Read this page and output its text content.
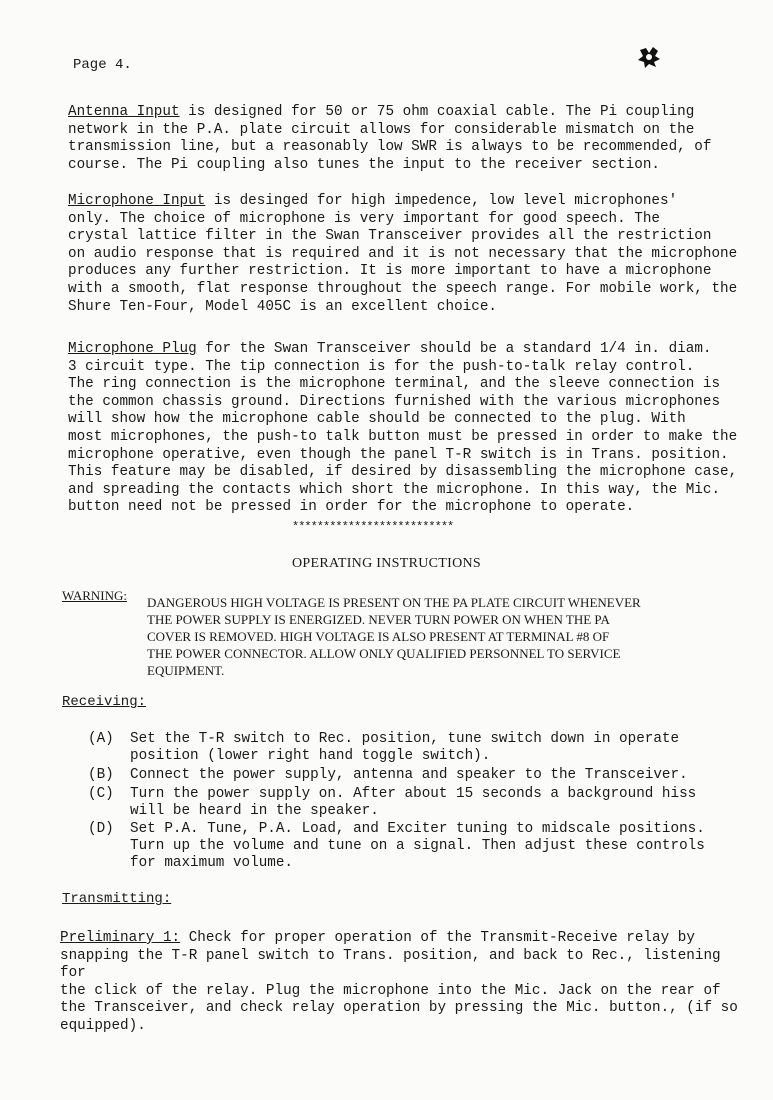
Page 4.
Antenna Input is designed for 50 or 75 ohm coaxial cable. The Pi coupling
network in the P.A. plate circuit allows for considerable mismatch on the
transmission line, but a reasonably low SWR is always to be recommended, of
course. The Pi coupling also tunes the input to the receiver section.
Microphone Input is desinged for high impedence, low level microphones'
only. The choice of microphone is very important for good speech. The
crystal lattice filter in the Swan Transceiver provides all the restriction
on audio response that is required and it is not necessary that the microphone
produces any further restriction. It is more important to have a microphone
with a smooth, flat response throughout the speech range. For mobile work, the
Shure Ten-Four, Model 405C is an excellent choice.
Microphone Plug for the Swan Transceiver should be a standard 1/4 in. diam.
3 circuit type. The tip connection is for the push-to-talk relay control.
The ring connection is the microphone terminal, and the sleeve connection is
the common chassis ground. Directions furnished with the various microphones
will show how the microphone cable should be connected to the plug. With
most microphones, the push-to talk button must be pressed in order to make the
microphone operative, even though the panel T-R switch is in Trans. position.
This feature may be disabled, if desired by disassembling the microphone case,
and spreading the contacts which short the microphone. In this way, the Mic.
button need not be pressed in order for the microphone to operate.
**************************
OPERATING INSTRUCTIONS
WARNING: DANGEROUS HIGH VOLTAGE IS PRESENT ON THE PA PLATE CIRCUIT WHENEVER
THE POWER SUPPLY IS ENERGIZED. NEVER TURN POWER ON WHEN THE PA
COVER IS REMOVED. HIGH VOLTAGE IS ALSO PRESENT AT TERMINAL #8 OF
THE POWER CONNECTOR. ALLOW ONLY QUALIFIED PERSONNEL TO SERVICE
EQUIPMENT.
Receiving:
(A) Set the T-R switch to Rec. position, tune switch down in operate
position (lower right hand toggle switch).
(B) Connect the power supply, antenna and speaker to the Transceiver.
(C) Turn the power supply on. After about 15 seconds a background hiss
will be heard in the speaker.
(D) Set P.A. Tune, P.A. Load, and Exciter tuning to midscale positions.
Turn up the volume and tune on a signal. Then adjust these controls
for maximum volume.
Transmitting:
Preliminary 1: Check for proper operation of the Transmit-Receive relay by
snapping the T-R panel switch to Trans. position, and back to Rec., listening for
the click of the relay. Plug the microphone into the Mic. Jack on the rear of
the Transceiver, and check relay operation by pressing the Mic. button., (if so
equipped).
